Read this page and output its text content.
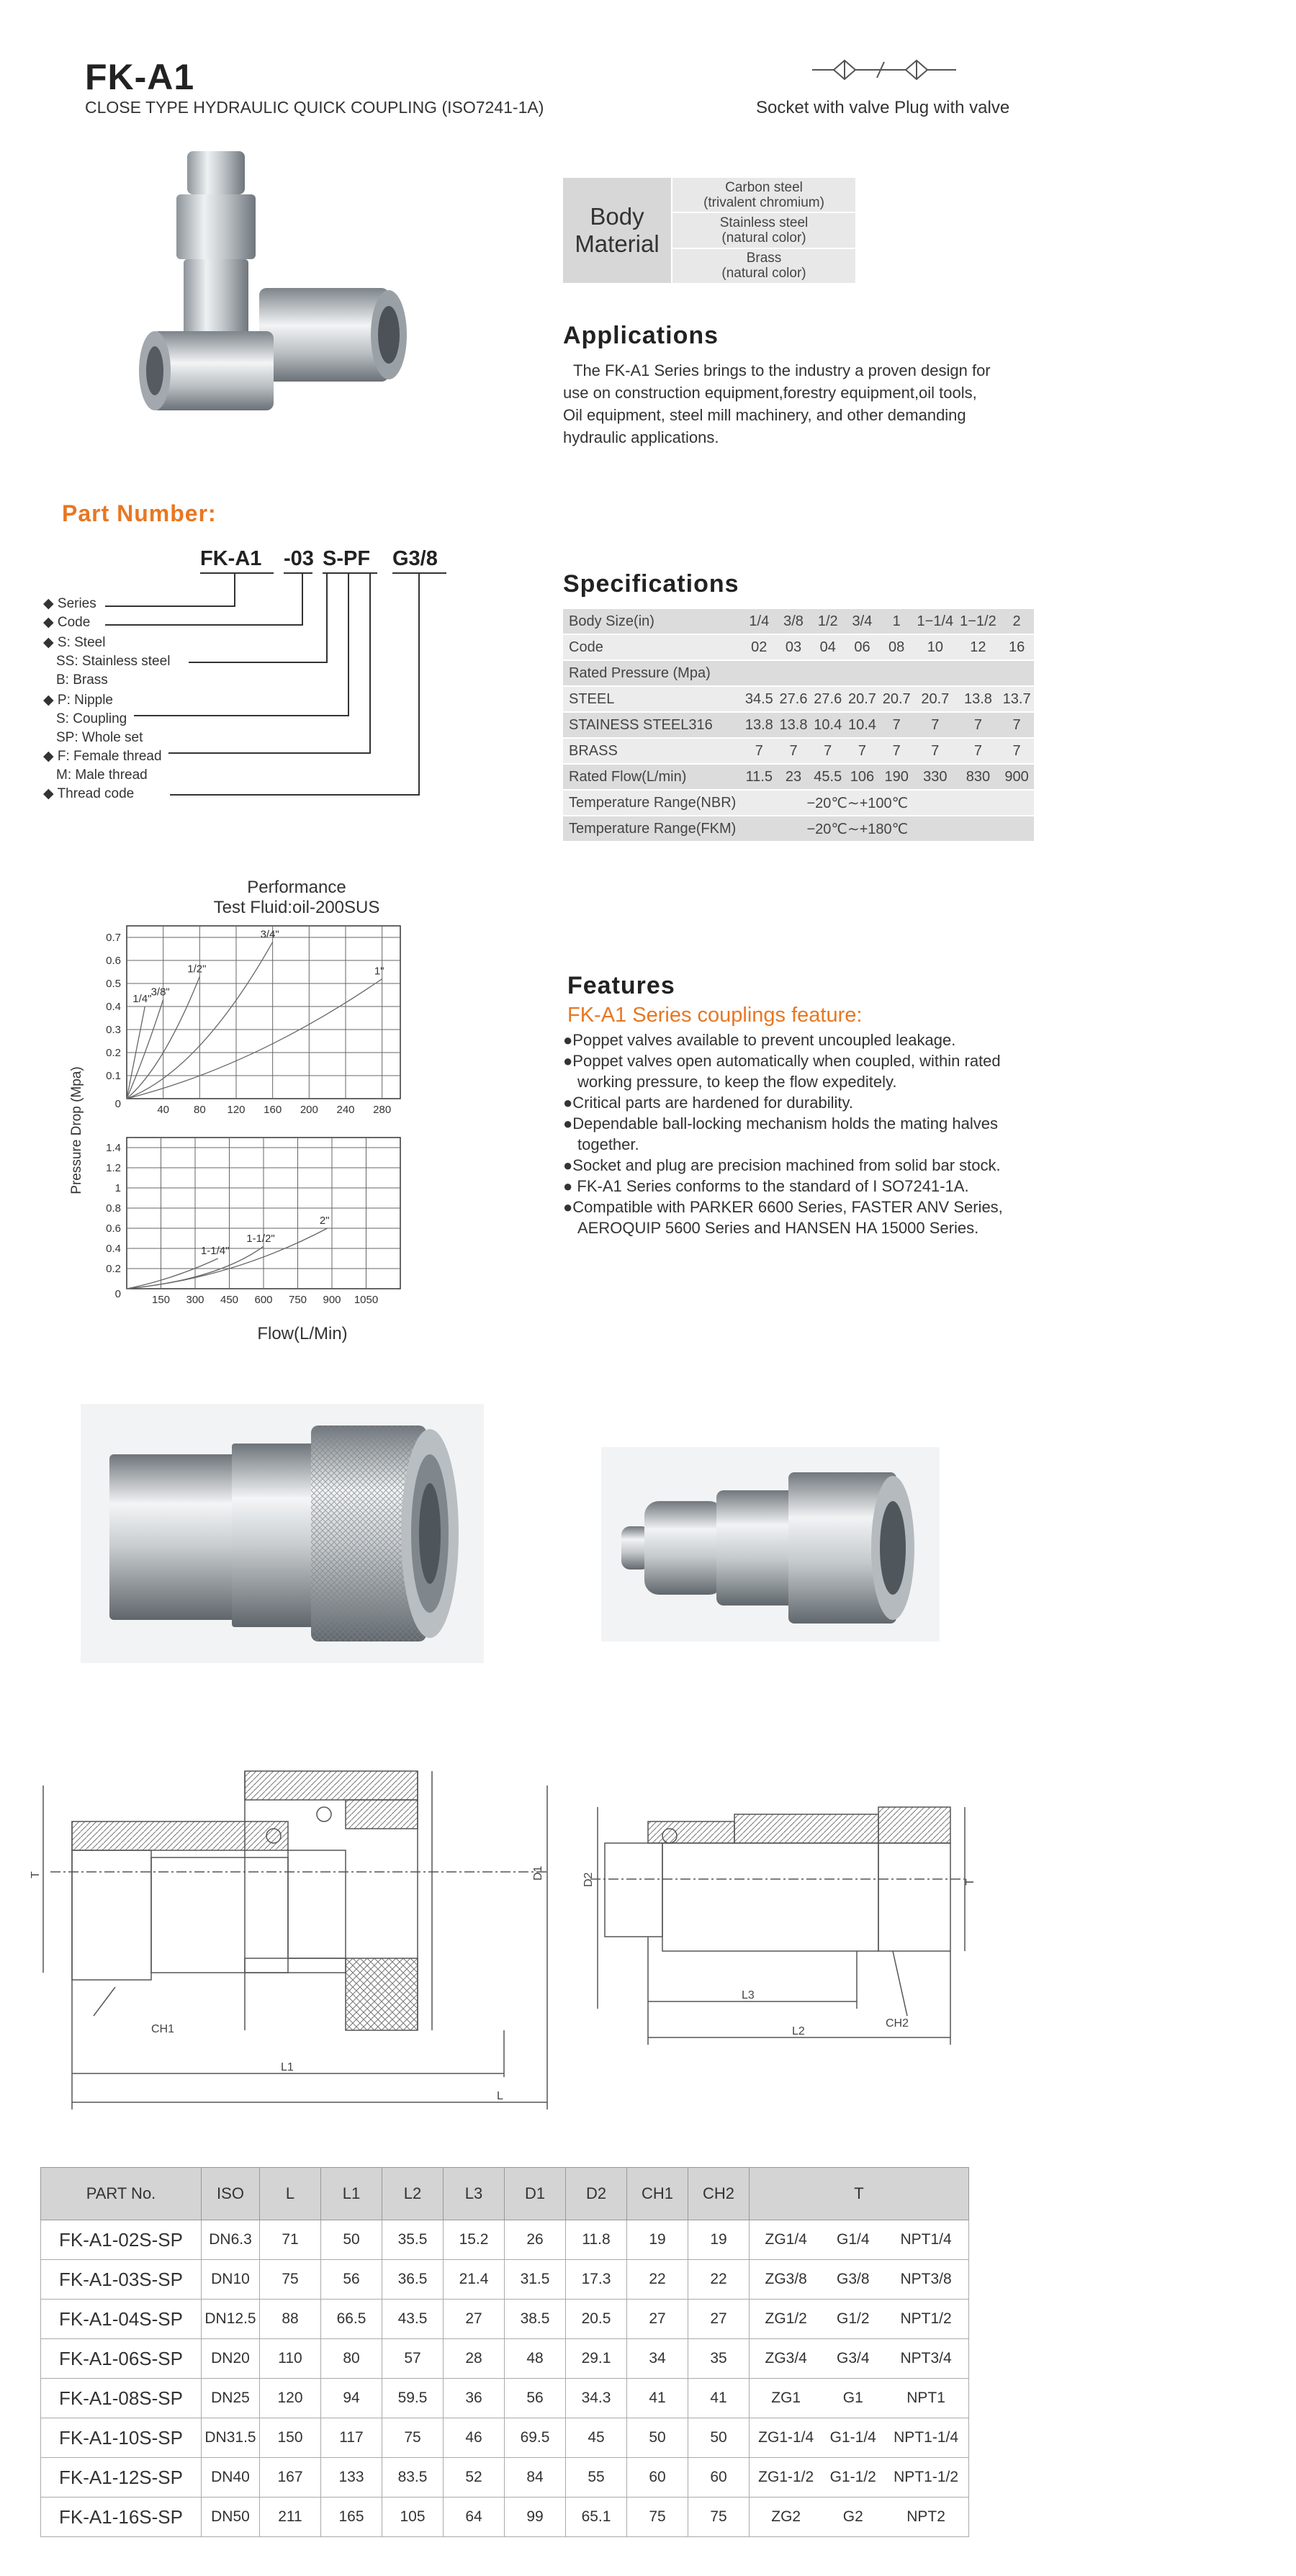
FK-A1
CLOSE TYPE HYDRAULIC QUICK COUPLING (ISO7241-1A)	Socket with valve Plug with valve
Body
Material

Carbon steel
(trivalent chromium)

Stainless steel
(natural color)

Brass
(natural color)
Applications
The FK-A1 Series brings to the industry a proven design for
use on construction equipment,forestry equipment,oil tools,
Oil equipment, steel mill machinery, and other demanding
hydraulic applications.
Part Number:
FK-A1 -03 S-PF G3/8
◆ Series
◆ Code
◆ S: Steel
SS: Stainless steel
B: Brass
◆ P: Nipple
S: Coupling
SP: Whole set
◆ F: Female thread
M: Male thread
◆ Thread code
Specifications
Body Size(in)	1/4	3/8	1/2	3/4	1	1−1/4	1−1/2	2
Code	02	03	04	06	08	10	12	16
Rated Pressure (Mpa)								
STEEL	34.5	27.6	27.6	20.7	20.7	20.7	13.8	13.7
STAINESS STEEL316	13.8	13.8	10.4	10.4	7	7	7	7
BRASS	7	7	7	7	7	7	7	7
Rated Flow(L/min)	11.5	23	45.5	106	190	330	830	900
Temperature Range(NBR)	−20℃∼+100℃							
Temperature Range(FKM)	−20℃∼+180℃							
Performance
Test Fluid:oil-200SUS
Pressure Drop (Mpa)
Flow(L/Min)
40 80 120 160 200 240 280
0.1
0.2
0.3
0.4
0.5
0.6
0.7
0
1/4"
3/8"
1/2"
3/4"
1"
150 300 450 600 750 900 1050
0.2
0.4
0.6
0.8
1
1.2
1.4
0
1-1/4"
1-1/2"
2"
Features
FK-A1 Series couplings feature:
●Poppet valves available to prevent uncoupled leakage.
●Poppet valves open automatically when coupled, within rated working pressure, to keep the flow expeditely.
●Critical parts are hardened for durability.
●Dependable ball-locking mechanism holds the mating halves together.
●Socket and plug are precision machined from solid bar stock.
● FK-A1 Series conforms to the standard of I SO7241-1A.
●Compatible with PARKER 6600 Series, FASTER ANV Series, AEROQUIP 5600 Series and HANSEN HA 15000 Series.
T	D1
CH1
L1
L
D2	T
L3
CH2
L2
PART No.	ISO	L	L1	L2	L3	D1	D2	CH1	CH2	T		
FK-A1-02S-SP	DN6.3	71	50	35.5	15.2	26	11.8	19	19	ZG1/4	G1/4	NPT1/4
FK-A1-03S-SP	DN10	75	56	36.5	21.4	31.5	17.3	22	22	ZG3/8	G3/8	NPT3/8
FK-A1-04S-SP	DN12.5	88	66.5	43.5	27	38.5	20.5	27	27	ZG1/2	G1/2	NPT1/2
FK-A1-06S-SP	DN20	110	80	57	28	48	29.1	34	35	ZG3/4	G3/4	NPT3/4
FK-A1-08S-SP	DN25	120	94	59.5	36	56	34.3	41	41	ZG1	G1	NPT1
FK-A1-10S-SP	DN31.5	150	117	75	46	69.5	45	50	50	ZG1-1/4	G1-1/4	NPT1-1/4
FK-A1-12S-SP	DN40	167	133	83.5	52	84	55	60	60	ZG1-1/2	G1-1/2	NPT1-1/2
FK-A1-16S-SP	DN50	211	165	105	64	99	65.1	75	75	ZG2	G2	NPT2
